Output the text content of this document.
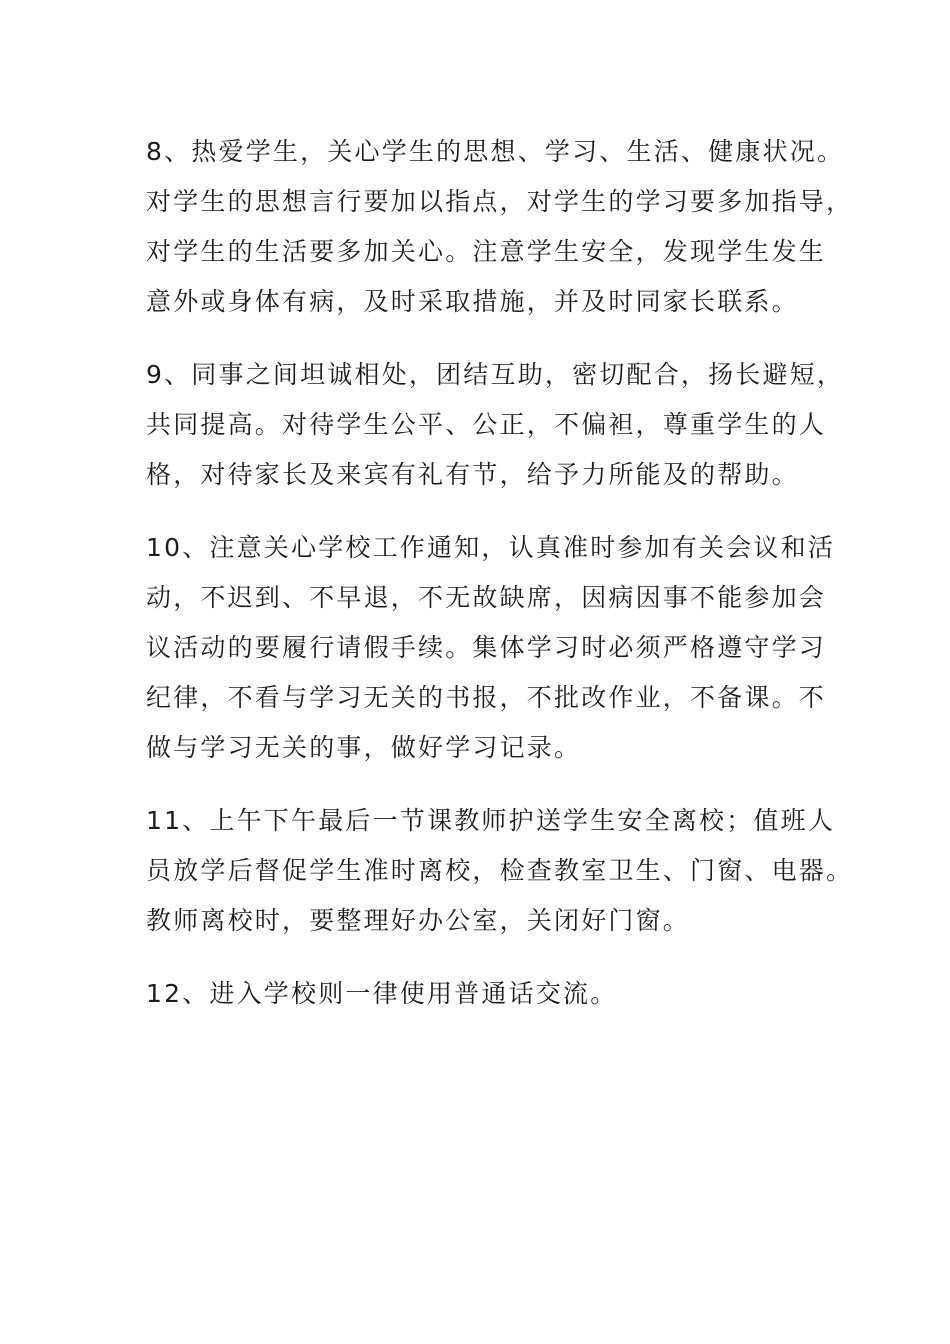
8、热爱学生，关心学生的思想、学习、生活、健康状况。
对学生的思想言行要加以指点，对学生的学习要多加指导，
对学生的生活要多加关心。注意学生安全，发现学生发生
意外或身体有病，及时采取措施，并及时同家长联系。

9、同事之间坦诚相处，团结互助，密切配合，扬长避短，
共同提高。对待学生公平、公正，不偏袒，尊重学生的人
格，对待家长及来宾有礼有节，给予力所能及的帮助。

10、注意关心学校工作通知，认真准时参加有关会议和活
动，不迟到、不早退，不无故缺席，因病因事不能参加会
议活动的要履行请假手续。集体学习时必须严格遵守学习
纪律，不看与学习无关的书报，不批改作业，不备课。不
做与学习无关的事，做好学习记录。

11、上午下午最后一节课教师护送学生安全离校；值班人
员放学后督促学生准时离校，检查教室卫生、门窗、电器。
教师离校时，要整理好办公室，关闭好门窗。

12、进入学校则一律使用普通话交流。
